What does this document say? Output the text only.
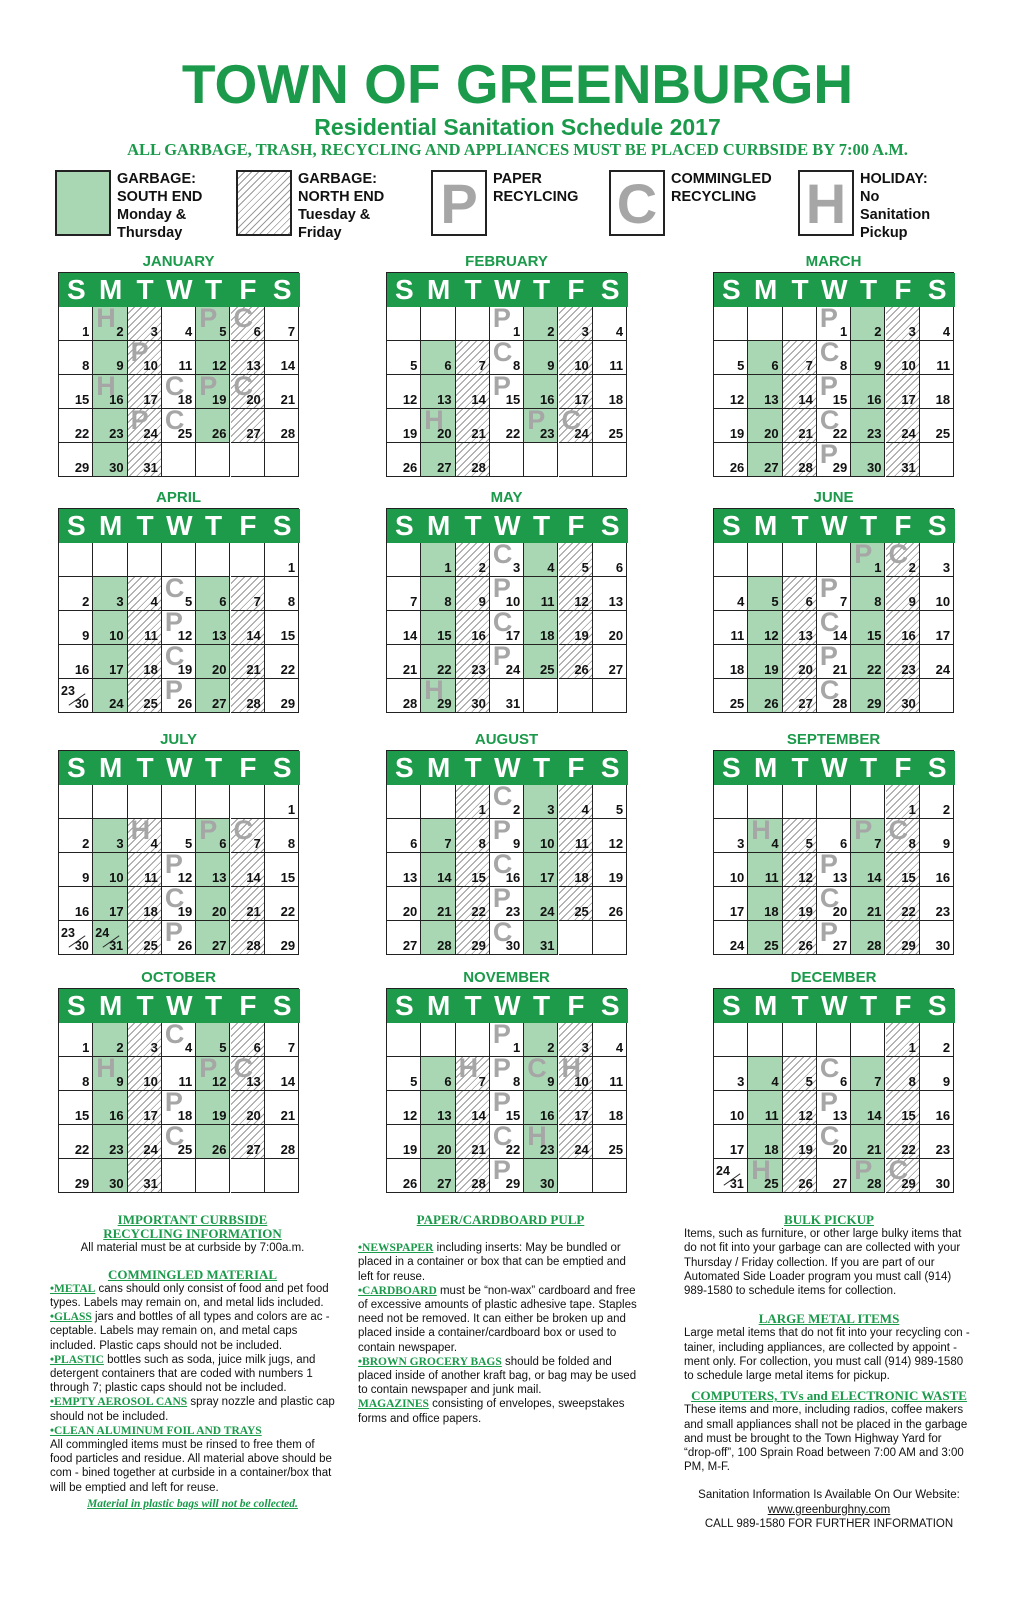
TOWN OF GREENBURGH
Residential Sanitation Schedule 2017
ALL GARBAGE, TRASH, RECYCLING AND APPLIANCES MUST BE PLACED CURBSIDE BY 7:00 A.M.
GARBAGE:
SOUTH END
Monday &
Thursday
GARBAGE:
NORTH END
Tuesday &
Friday	P	PAPER
RECYLCING C COMMINGLED
RECYCLING H HOLIDAY:
No
Sanitation
Pickup
JANUARY
S M T W T F S
1 H 2 3 4 P 5 C 6 7
8 9 P
10 11 12 13 14
15 H
16 17 C
18 P
19 C
20 21
22 23 P
24 C
25 26 27 28
29 30 31
FEBRUARY
S M T W T F S
P 1 2 3 4
5 6 7 C 8 9 10 11
12 13 14 P
15 16 17 18
19 H
20 21 22 P
23 C
24 25
26 27 28
MARCH
S M T W T F S
P 1 2 3 4
5 6 7 C 8 9 10 11
12 13 14 P
15 16 17 18
19 20 21 C
22 23 24 25
26 27 28 P
29 30 31
APRIL
S M T W T F S
1
2 3 4 C 5 6 7 8
9 10 11 P
12 13 14 15
16 17 18 C
19 20 21 22
23
30 24 25 P
26 27 28 29
MAY
S M T W T F S
1 2 C 3 4 5 6
7 8 9 P
10 11 12 13
14 15 16 C
17 18 19 20
21 22 23 P
24 25 26 27
28 H
29 30 31
JUNE
S M T W T F S
P 1 C 2 3
4 5 6 P 7 8 9 10
11 12 13 C
14 15 16 17
18 19 20 P
21 22 23 24
25 26 27 C
28 29 30
JULY
S M T W T F S
1
2 3 H 4 5 P 6 C 7 8
9 10 11 P
12 13 14 15
16 17 18 C
19 20 21 22
23
30
24
31 25 P
26 27 28 29
AUGUST
S M T W T F S
1 C 2 3 4 5
6 7 8 P 9 10 11 12
13 14 15 C
16 17 18 19
20 21 22 P
23 24 25 26
27 28 29 C
30 31
SEPTEMBER
S M T W T F S
1 2
3 H 4 5 6 P 7 C 8 9
10 11 12 P
13 14 15 16
17 18 19 C
20 21 22 23
24 25 26 P
27 28 29 30
OCTOBER
S M T W T F S
1 2 3 C 4 5 6 7
8 H 9 10 11 P
12 C
13 14
15 16 17 P
18 19 20 21
22 23 24 C
25 26 27 28
29 30 31
NOVEMBER
S M T W T F S
P 1 2 3 4
5 6 H 7 P 8 C 9 H
10 11
12 13 14 P
15 16 17 18
19 20 21 C
22 H
23 24 25
26 27 28 P
29 30
DECEMBER
S M T W T F S
1 2
3 4 5 C 6 7 8 9
10 11 12 P
13 14 15 16
17 18 19 C
20 21 22 23
24
31 H
25 26 27 P
28 C
29 30
IMPORTANT CURBSIDE RECYCLING INFORMATION

All material must be at curbside by 7:00a.m.

COMMINGLED MATERIAL

•METAL cans should only consist of food and pet food types. Labels may remain on, and metal lids included.

•GLASS jars and bottles of all types and colors are ac - ceptable. Labels may remain on, and metal caps included. Plastic caps should not be included.

•PLASTIC bottles such as soda, juice milk jugs, and detergent containers that are coded with numbers 1 through 7; plastic caps should not be included.

•EMPTY AEROSOL CANS spray nozzle and plastic cap should not be included.

•CLEAN ALUMINUM FOIL AND TRAYS

All commingled items must be rinsed to free them of food particles and residue. All material above should be com - bined together at curbside in a container/box that will be emptied and left for reuse.

Material in plastic bags will not be collected.

PAPER/CARDBOARD PULP

•NEWSPAPER including inserts: May be bundled or placed in a container or box that can be emptied and left for reuse.

•CARDBOARD must be “non-wax” cardboard and free of excessive amounts of plastic adhesive tape. Staples need not be removed. It can either be broken up and placed inside a container/cardboard box or used to contain newspaper.

•BROWN GROCERY BAGS should be folded and placed inside of another kraft bag, or bag may be used to contain newspaper and junk mail.

MAGAZINES consisting of envelopes, sweepstakes forms and office papers.

BULK PICKUP

Items, such as furniture, or other large bulky items that do not fit into your garbage can are collected with your Thursday / Friday collection. If you are part of our Automated Side Loader program you must call (914) 989-1580 to schedule items for collection.

LARGE METAL ITEMS

Large metal items that do not fit into your recycling con - tainer, including appliances, are collected by appoint - ment only. For collection, you must call (914) 989-1580 to schedule large metal items for pickup.

COMPUTERS, TVs and ELECTRONIC WASTE

These items and more, including radios, coffee makers and small appliances shall not be placed in the garbage and must be brought to the Town Highway Yard for “drop-off”, 100 Sprain Road between 7:00 AM and 3:00 PM, M-F.

Sanitation Information Is Available On Our Website:

www.greenburghny.com

CALL 989-1580 FOR FURTHER INFORMATION
